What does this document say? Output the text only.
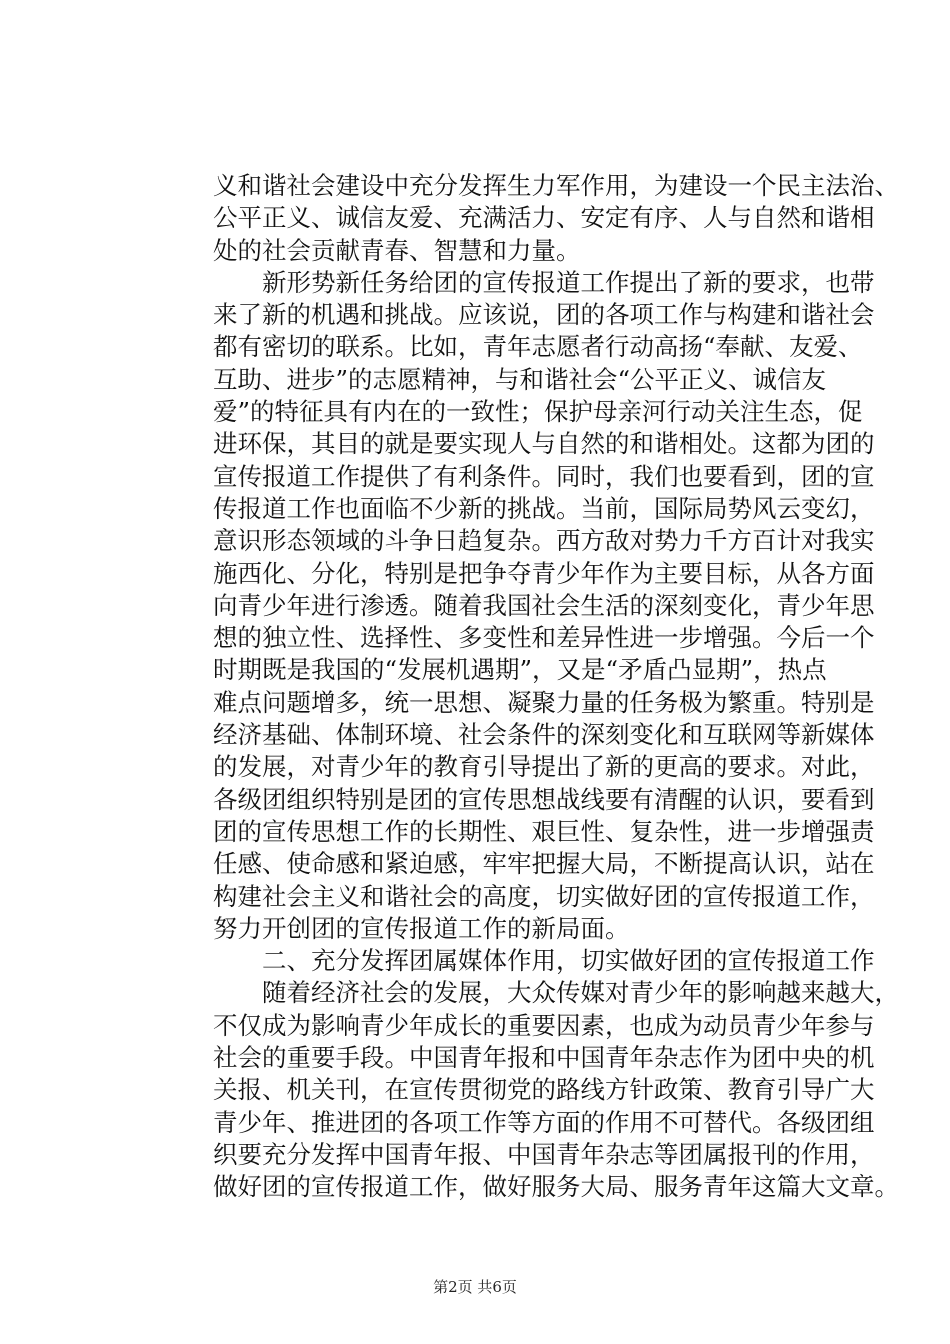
义和谐社会建设中充分发挥生力军作用，为建设一个民主法治、
公平正义、诚信友爱、充满活力、安定有序、人与自然和谐相
处的社会贡献青春、智慧和力量。
新形势新任务给团的宣传报道工作提出了新的要求，也带
来了新的机遇和挑战。应该说，团的各项工作与构建和谐社会
都有密切的联系。比如，青年志愿者行动高扬“奉献、友爱、
互助、进步”的志愿精神，与和谐社会“公平正义、诚信友
爱”的特征具有内在的一致性；保护母亲河行动关注生态，促
进环保，其目的就是要实现人与自然的和谐相处。这都为团的
宣传报道工作提供了有利条件。同时，我们也要看到，团的宣
传报道工作也面临不少新的挑战。当前，国际局势风云变幻，
意识形态领域的斗争日趋复杂。西方敌对势力千方百计对我实
施西化、分化，特别是把争夺青少年作为主要目标，从各方面
向青少年进行渗透。随着我国社会生活的深刻变化，青少年思
想的独立性、选择性、多变性和差异性进一步增强。今后一个
时期既是我国的“发展机遇期”，又是“矛盾凸显期”，热点
难点问题增多，统一思想、凝聚力量的任务极为繁重。特别是
经济基础、体制环境、社会条件的深刻变化和互联网等新媒体
的发展，对青少年的教育引导提出了新的更高的要求。对此，
各级团组织特别是团的宣传思想战线要有清醒的认识，要看到
团的宣传思想工作的长期性、艰巨性、复杂性，进一步增强责
任感、使命感和紧迫感，牢牢把握大局，不断提高认识，站在
构建社会主义和谐社会的高度，切实做好团的宣传报道工作，
努力开创团的宣传报道工作的新局面。
二、充分发挥团属媒体作用，切实做好团的宣传报道工作
随着经济社会的发展，大众传媒对青少年的影响越来越大，
不仅成为影响青少年成长的重要因素，也成为动员青少年参与
社会的重要手段。中国青年报和中国青年杂志作为团中央的机
关报、机关刊，在宣传贯彻党的路线方针政策、教育引导广大
青少年、推进团的各项工作等方面的作用不可替代。各级团组
织要充分发挥中国青年报、中国青年杂志等团属报刊的作用，
做好团的宣传报道工作，做好服务大局、服务青年这篇大文章。
第2页 共6页
